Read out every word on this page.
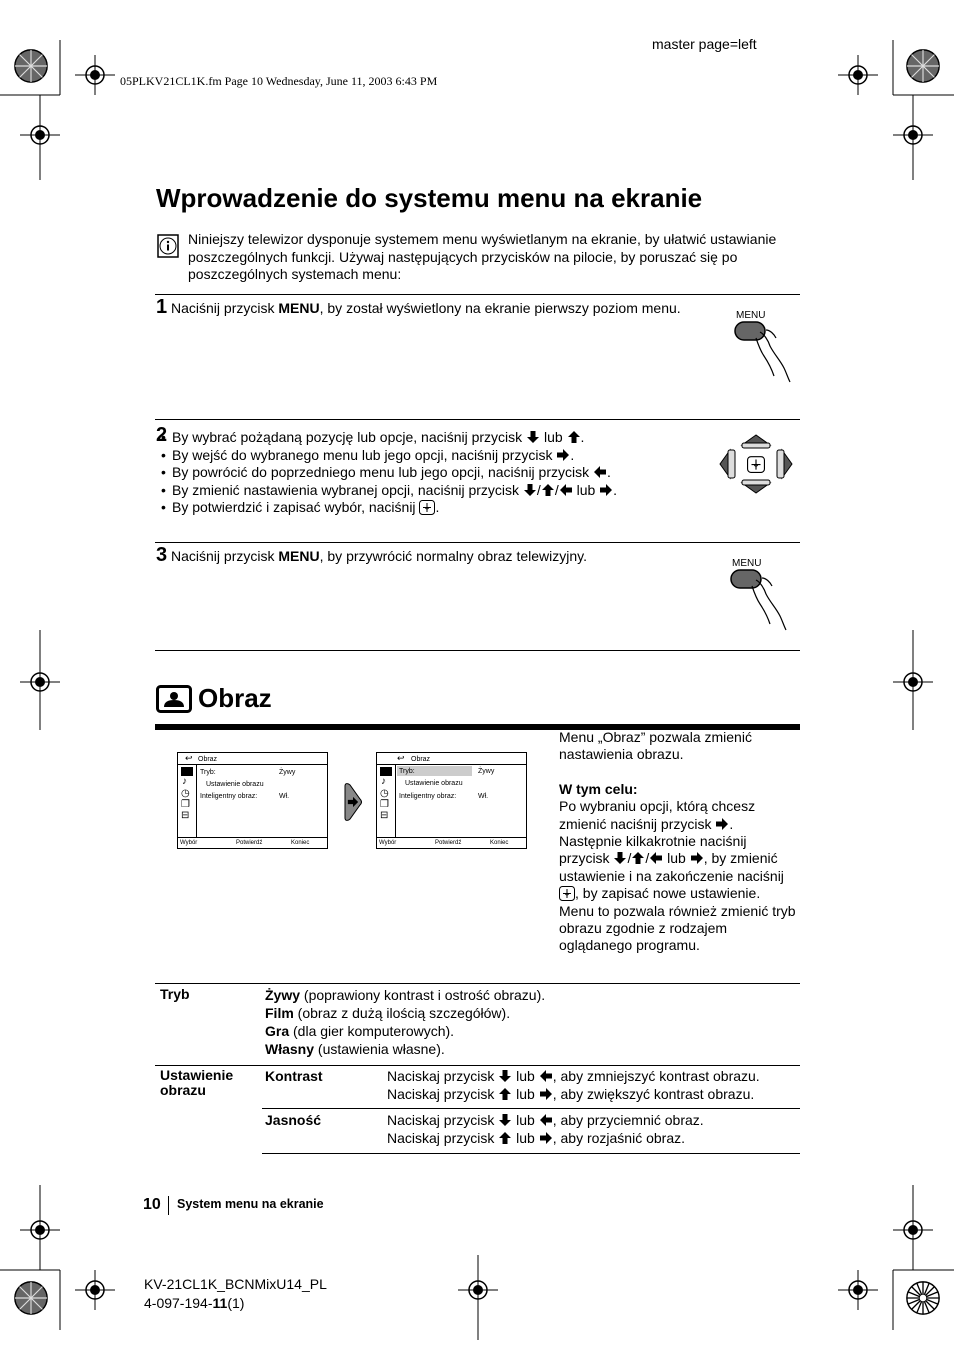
master page=left
05PLKV21CL1K.fm Page 10 Wednesday, June 11, 2003 6:43 PM
Wprowadzenie do systemu menu na ekranie
Niniejszy telewizor dysponuje systemem menu wyświetlanym na ekranie, by ułatwić ustawianie poszczególnych funkcji. Używaj następujących przycisków na pilocie, by poruszać się po poszczególnych systemach menu:
1 Naciśnij przycisk MENU, by został wyświetlony na ekranie pierwszy poziom menu.
2
• By wybrać pożądaną pozycję lub opcje, naciśnij przycisk  lub .
• By wejść do wybranego menu lub jego opcji, naciśnij przycisk .
• By powrócić do poprzedniego menu lub jego opcji, naciśnij przycisk .
• By zmienić nastawienia wybranej opcji, naciśnij przycisk / / lub .
• By potwierdzić i zapisać wybór, naciśnij .
3 Naciśnij przycisk MENU, by przywrócić normalny obraz telewizyjny.
Obraz
Obraz
↩
♪
◷
❐
⊟
Tryb:	Żywy
Ustawienie obrazu
Inteligentny obraz:	Wł.
Wybór	Potwierdź	Koniec
Obraz
↩
♪
◷
❐
⊟
Tryb:	Żywy
Ustawienie obrazu
Inteligentny obraz:	Wł.
Wybór	Potwierdź	Koniec
Menu „Obraz” pozwala zmienić nastawienia obrazu.
W tym celu:
Po wybraniu opcji, którą chcesz zmienić naciśnij przycisk . Następnie kilkakrotnie naciśnij przycisk / / lub , by zmienić ustawienie i na zakończenie naciśnij , by zapisać nowe ustawienie. Menu to pozwala również zmienić tryb obrazu zgodnie z rodzajem oglądanego programu.
Tryb	Żywy (poprawiony kontrast i ostrość obrazu).
Film (obraz z dużą ilością szczegółów).
Gra (dla gier komputerowych).
Własny (ustawienia własne).
Ustawienie obrazu
Kontrast	Naciskaj przycisk  lub , aby zmniejszyć kontrast obrazu.
Naciskaj przycisk  lub , aby zwiększyć kontrast obrazu.
Jasność	Naciskaj przycisk  lub , aby przyciemnić obraz.
Naciskaj przycisk  lub , aby rozjaśnić obraz.
10 System menu na ekranie
KV-21CL1K_BCNMixU14_PL
4-097-194-11(1)
